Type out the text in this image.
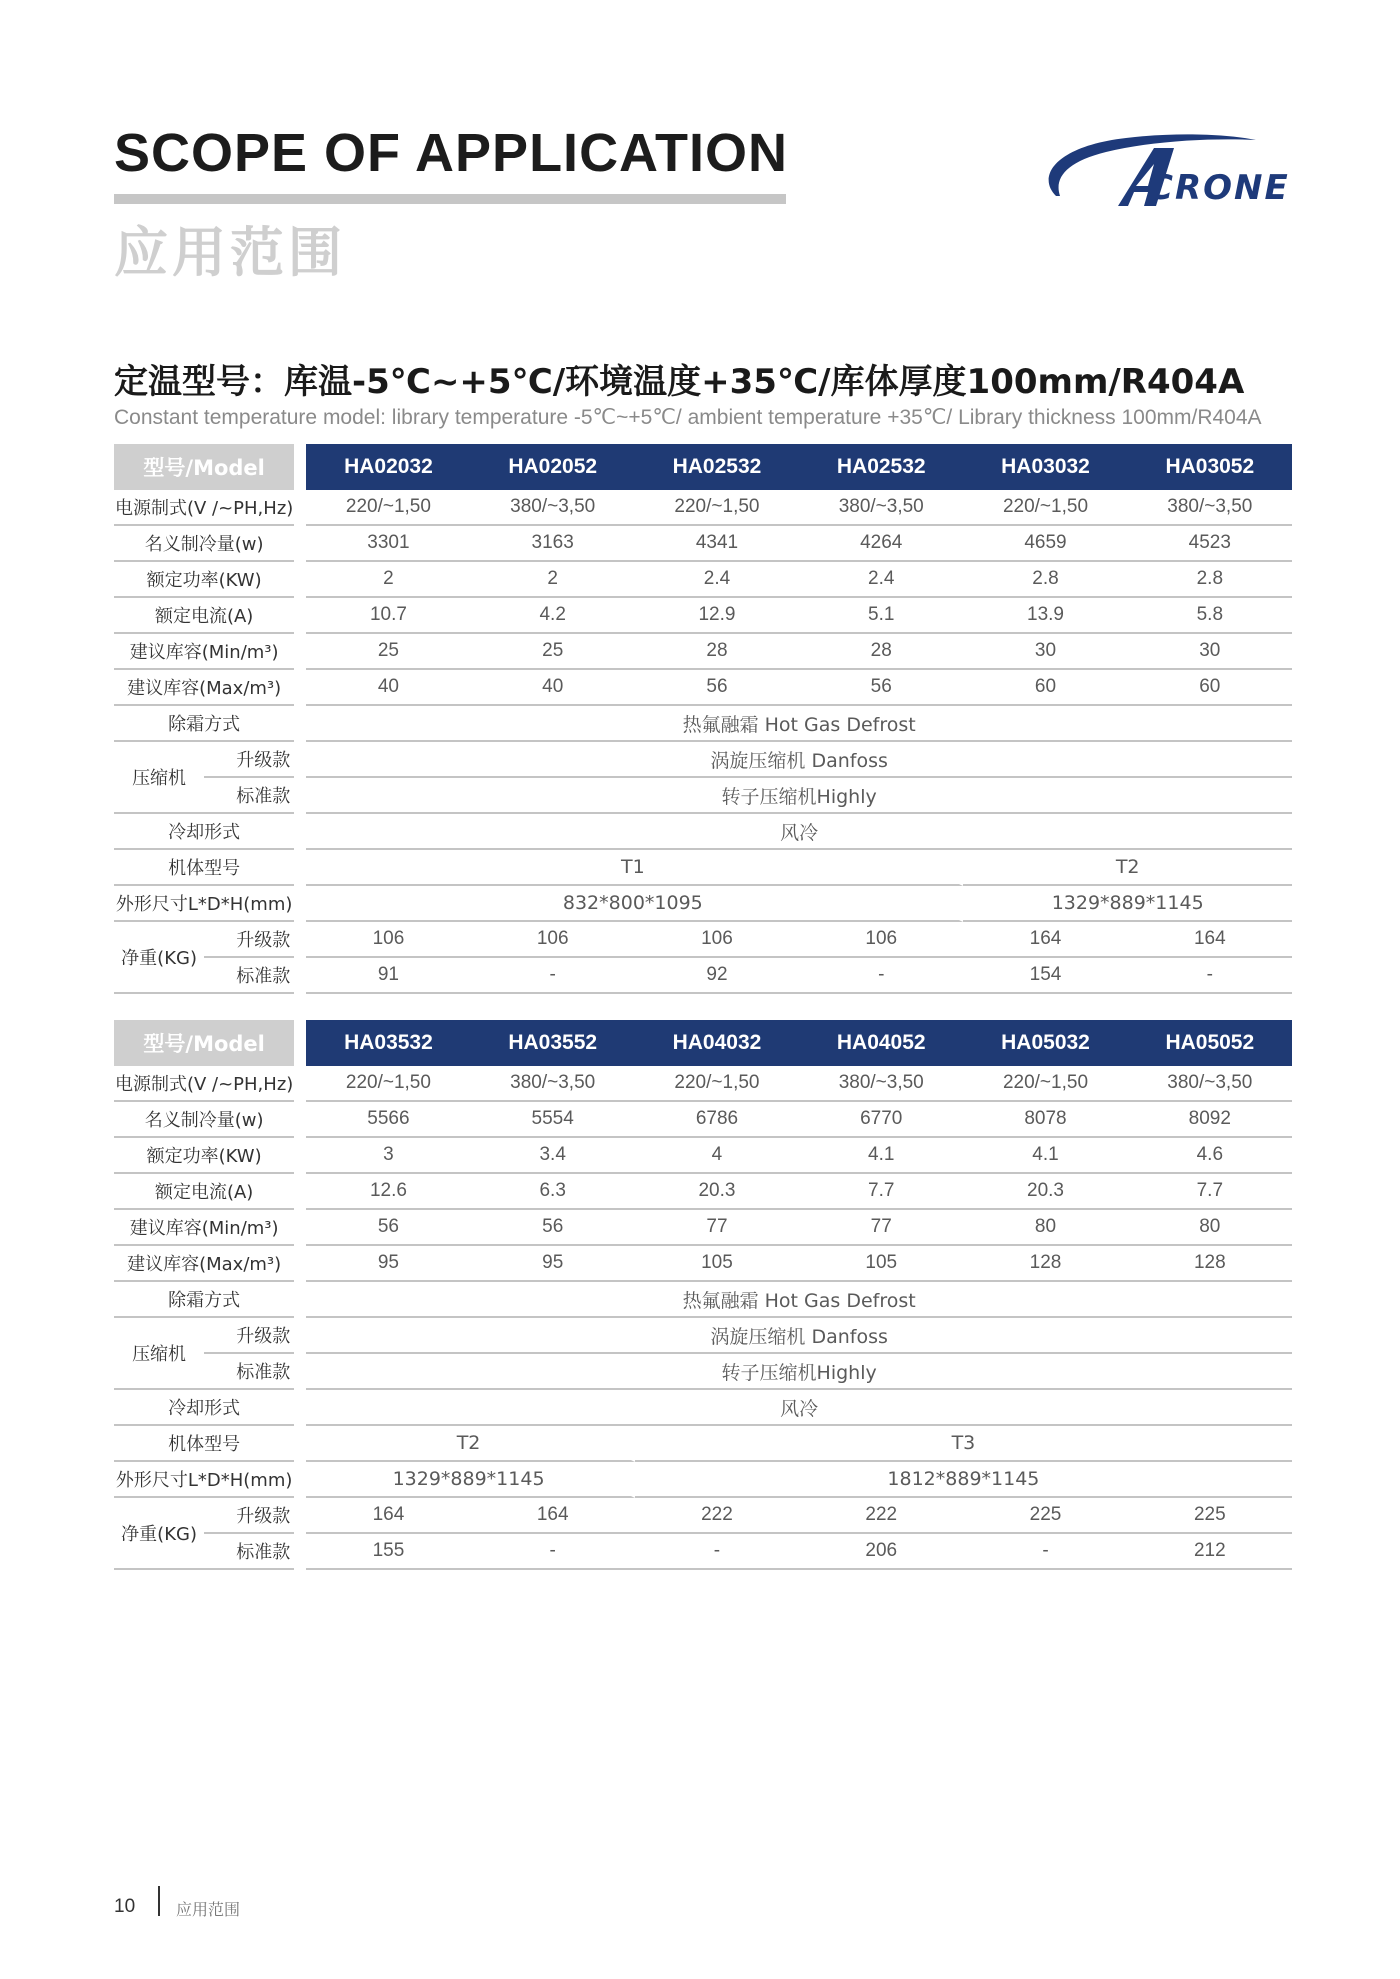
SCOPE OF APPLICATION
应用范围
CRONE
定温型号：库温-5℃~+5℃/环境温度+35℃/库体厚度100mm/R404A

Constant temperature model: library temperature -5℃~+5℃/ ambient temperature +35℃/ Library thickness 100mm/R404A

型号/Model			HA02032	HA02052	HA02532	HA02532	HA03032	HA03052
电源制式(V /~PH,Hz)			220/~1,50	380/~3,50	220/~1,50	380/~3,50	220/~1,50	380/~3,50
名义制冷量(w)			3301	3163	4341	4264	4659	4523
额定功率(KW)			2	2	2.4	2.4	2.8	2.8
额定电流(A)			10.7	4.2	12.9	5.1	13.9	5.8
建议库容(Min/m³)			25	25	28	28	30	30
建议库容(Max/m³)			40	40	56	56	60	60
除霜方式			热氟融霜 Hot Gas Defrost					
压缩机	升级款		涡旋压缩机 Danfoss					
	标准款		转子压缩机Highly					
冷却形式			风冷					
机体型号			T1				T2	
外形尺寸L*D*H(mm)			832*800*1095				1329*889*1145	
净重(KG)	升级款		106	106	106	106	164	164
	标准款		91	-	92	-	154	-
型号/Model			HA03532	HA03552	HA04032	HA04052	HA05032	HA05052
电源制式(V /~PH,Hz)			220/~1,50	380/~3,50	220/~1,50	380/~3,50	220/~1,50	380/~3,50
名义制冷量(w)			5566	5554	6786	6770	8078	8092
额定功率(KW)			3	3.4	4	4.1	4.1	4.6
额定电流(A)			12.6	6.3	20.3	7.7	20.3	7.7
建议库容(Min/m³)			56	56	77	77	80	80
建议库容(Max/m³)			95	95	105	105	128	128
除霜方式			热氟融霜 Hot Gas Defrost					
压缩机	升级款		涡旋压缩机 Danfoss					
	标准款		转子压缩机Highly					
冷却形式			风冷					
机体型号			T2		T3			
外形尺寸L*D*H(mm)			1329*889*1145		1812*889*1145			
净重(KG)	升级款		164	164	222	222	225	225
	标准款		155	-	-	206	-	212

10	应用范围
